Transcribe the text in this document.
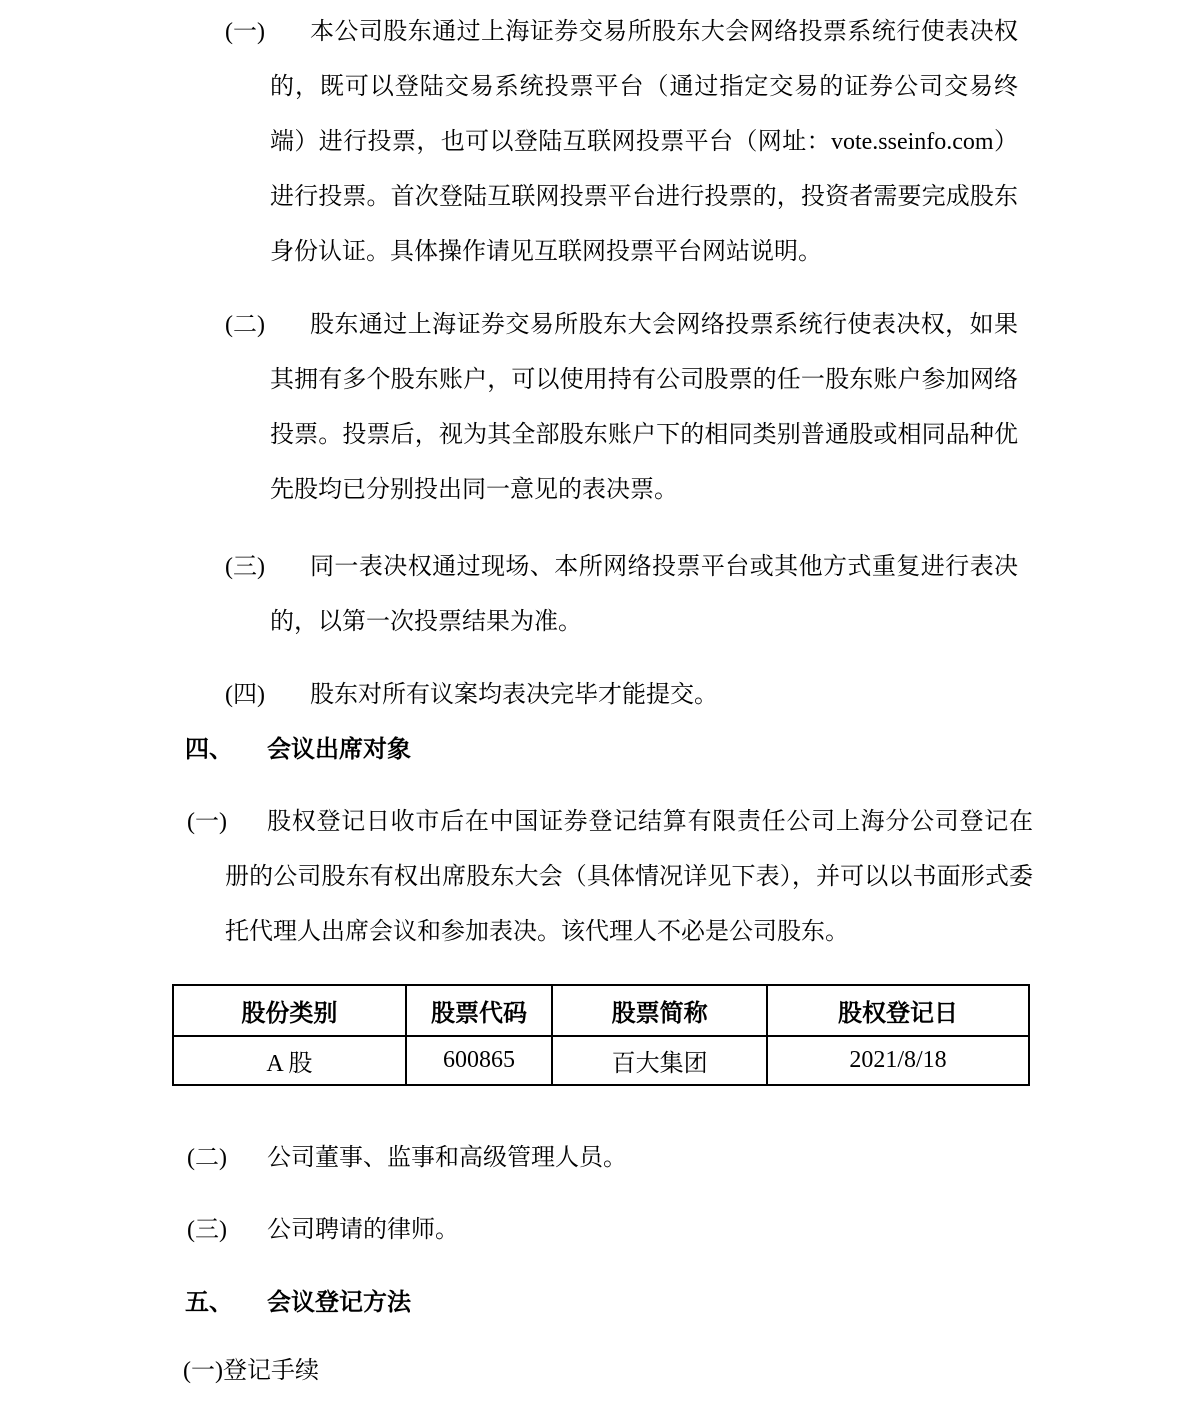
(一) 本公司股东通过上海证券交易所股东大会网络投票系统行使表决权的，既可以登陆交易系统投票平台（通过指定交易的证券公司交易终端）进行投票，也可以登陆互联网投票平台（网址：vote.sseinfo.com）进行投票。首次登陆互联网投票平台进行投票的，投资者需要完成股东身份认证。具体操作请见互联网投票平台网站说明。

(二) 股东通过上海证券交易所股东大会网络投票系统行使表决权，如果其拥有多个股东账户，可以使用持有公司股票的任一股东账户参加网络投票。投票后，视为其全部股东账户下的相同类别普通股或相同品种优先股均已分别投出同一意见的表决票。

(三) 同一表决权通过现场、本所网络投票平台或其他方式重复进行表决的，以第一次投票结果为准。

(四) 股东对所有议案均表决完毕才能提交。

四、 会议出席对象

(一) 股权登记日收市后在中国证券登记结算有限责任公司上海分公司登记在册的公司股东有权出席股东大会（具体情况详见下表），并可以以书面形式委托代理人出席会议和参加表决。该代理人不必是公司股东。

股份类别	股票代码	股票简称	股权登记日
A 股	600865	百大集团	2021/8/18

(二) 公司董事、监事和高级管理人员。

(三) 公司聘请的律师。

五、 会议登记方法

(一)登记手续
